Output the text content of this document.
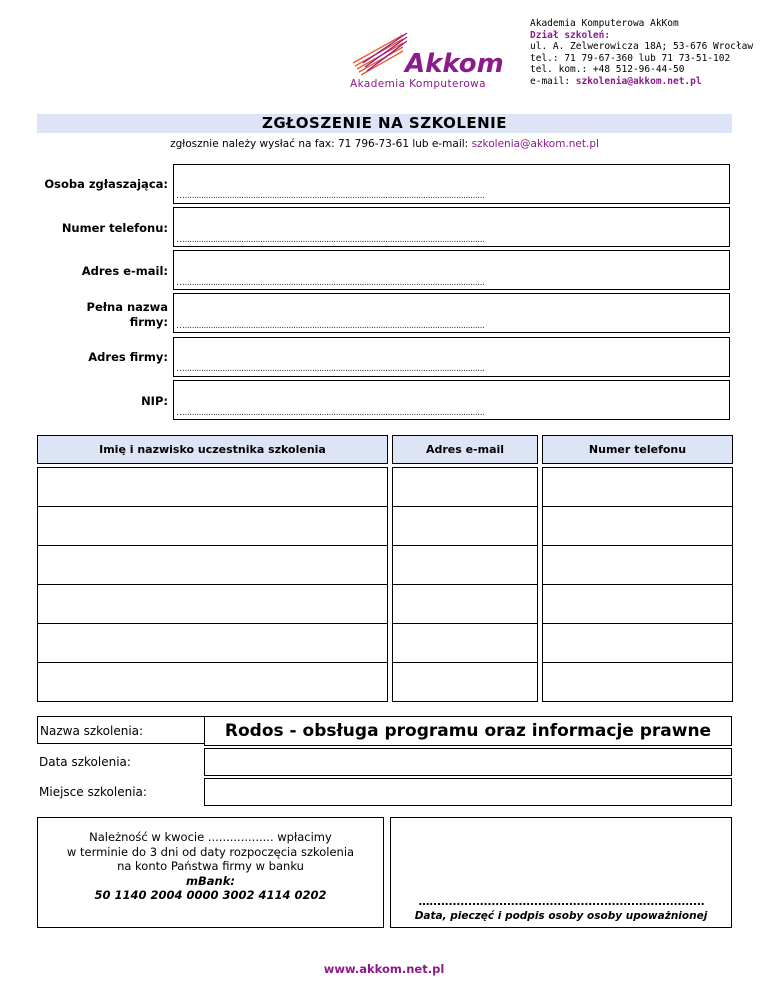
Akkom
Akademia Komputerowa
Akademia Komputerowa AkKom
Dział szkoleń:
ul. A. Zelwerowicza 18A; 53-676 Wrocław
tel.: 71 79-67-360 lub 71 73-51-102
tel. kom.: +48 512-96-44-50
e-mail: szkolenia@akkom.net.pl
ZGŁOSZENIE NA SZKOLENIE
zgłosznie należy wysłać na fax: 71 796-73-61 lub e-mail: szkolenia@akkom.net.pl
Osoba zgłaszająca:
…...............................................................................................................................
Numer telefonu:
…...............................................................................................................................
Adres e-mail:
…...............................................................................................................................
Pełna nazwa
firmy: …...............................................................................................................................
Adres firmy:
…...............................................................................................................................
NIP:
…...............................................................................................................................
Imię i nazwisko uczestnika szkolenia		Adres e-mail		Numer telefonu

Nazwa szkolenia:	Rodos - obsługa programu oraz informacje prawne
Data szkolenia:
Miejsce szkolenia:
Należność w kwocie .................. wpłacimy
w terminie do 3 dni od daty rozpoczęcia szkolenia
na konto Państwa firmy w banku
mBank:
50 1140 2004 0000 3002 4114 0202	….......................................................................
Data, pieczęć i podpis osoby osoby upoważnionej
www.akkom.net.pl
